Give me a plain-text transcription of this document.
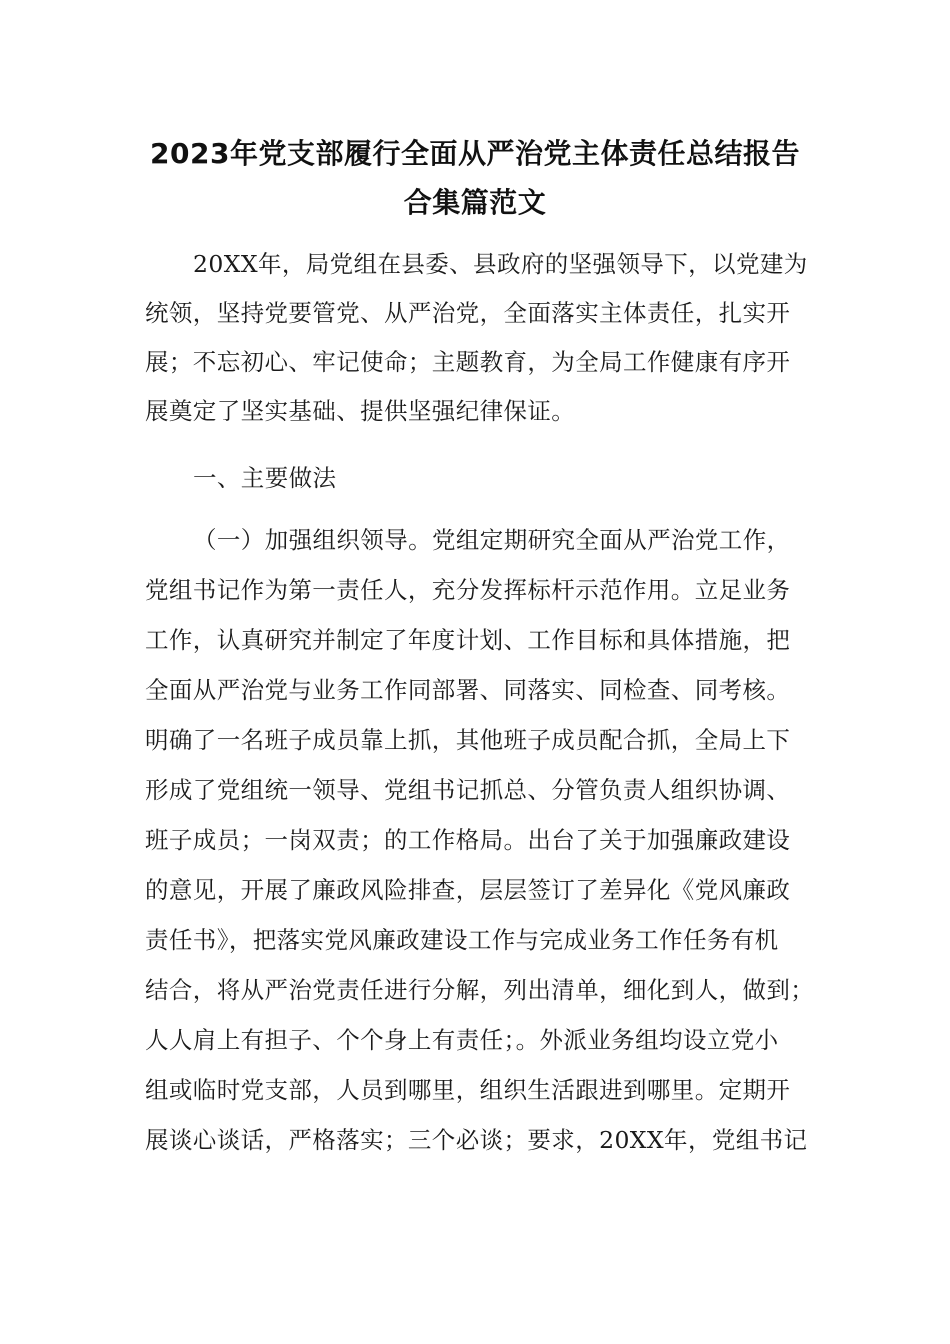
2023年党支部履行全面从严治党主体责任总结报告
合集篇范文
20XX年，局党组在县委、县政府的坚强领导下，以党建为
统领，坚持党要管党、从严治党，全面落实主体责任，扎实开
展；不忘初心、牢记使命；主题教育，为全局工作健康有序开
展奠定了坚实基础、提供坚强纪律保证。
一、主要做法
（一）加强组织领导。党组定期研究全面从严治党工作，
党组书记作为第一责任人，充分发挥标杆示范作用。立足业务
工作，认真研究并制定了年度计划、工作目标和具体措施，把
全面从严治党与业务工作同部署、同落实、同检查、同考核。
明确了一名班子成员靠上抓，其他班子成员配合抓，全局上下
形成了党组统一领导、党组书记抓总、分管负责人组织协调、
班子成员；一岗双责；的工作格局。出台了关于加强廉政建设
的意见，开展了廉政风险排查，层层签订了差异化《党风廉政
责任书》，把落实党风廉政建设工作与完成业务工作任务有机
结合，将从严治党责任进行分解，列出清单，细化到人，做到；
人人肩上有担子、个个身上有责任；。外派业务组均设立党小
组或临时党支部，人员到哪里，组织生活跟进到哪里。定期开
展谈心谈话，严格落实；三个必谈；要求，20XX年，党组书记
